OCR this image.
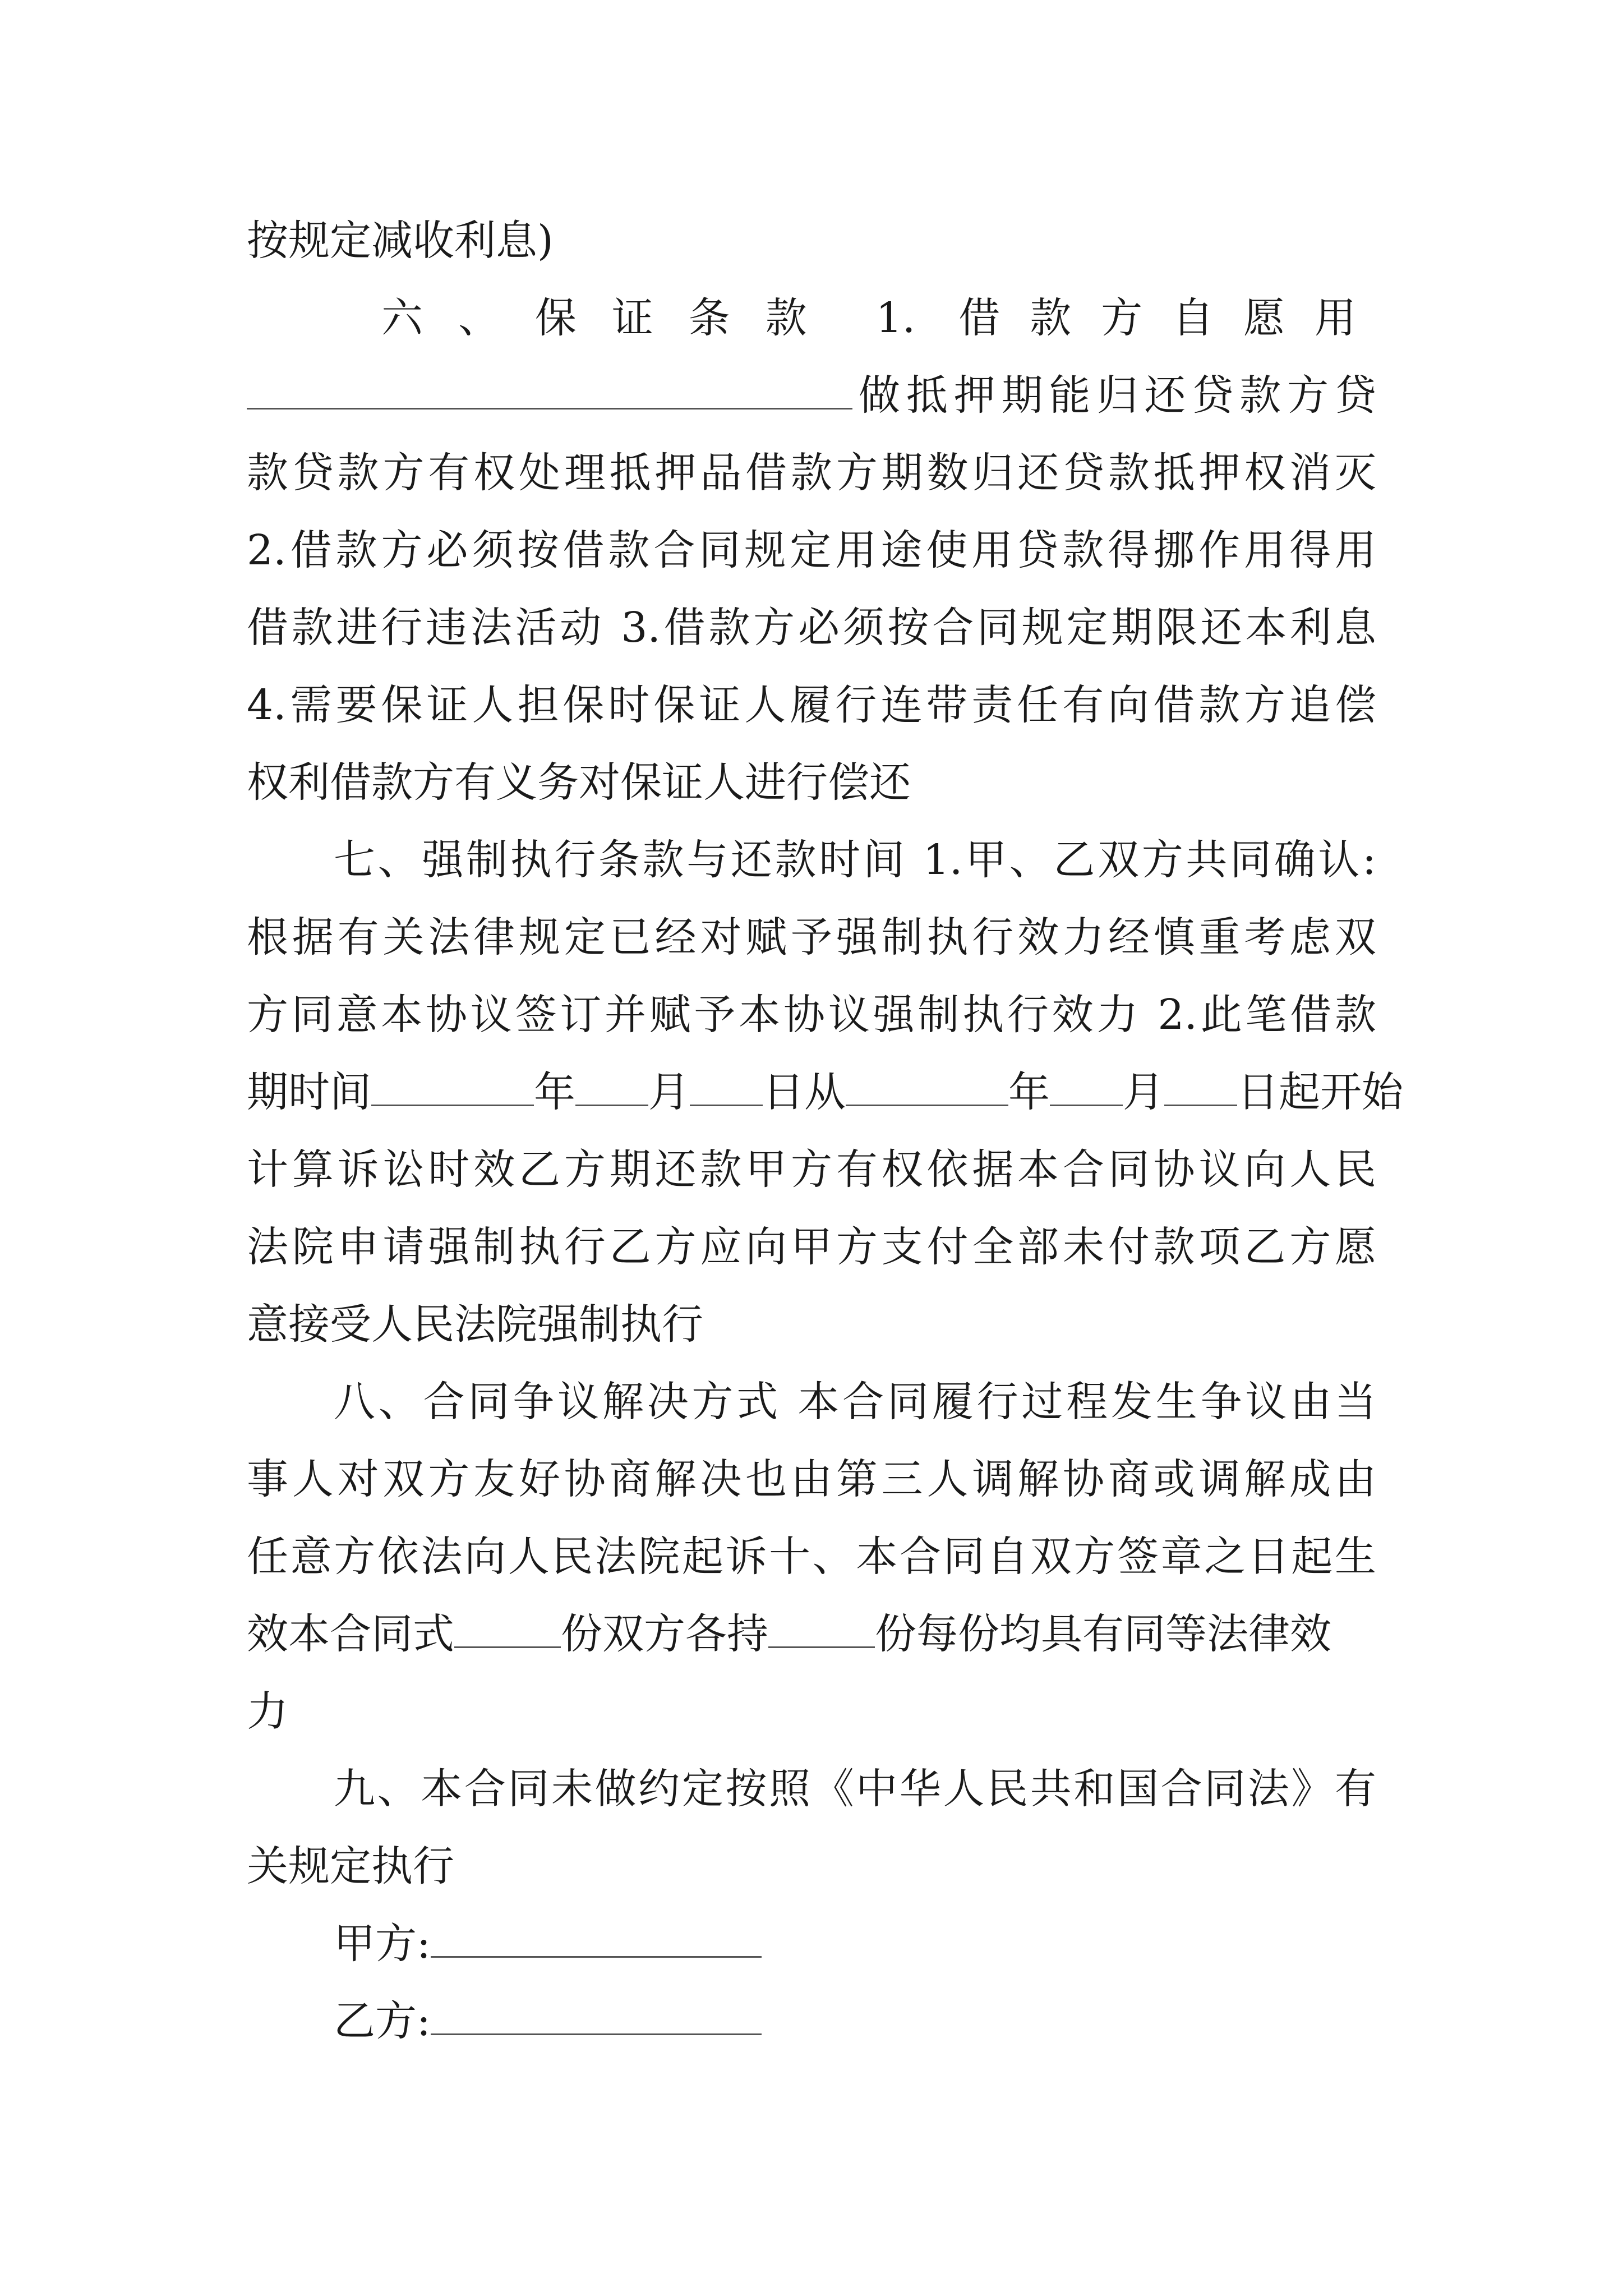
按规定减收利息)
六、保证条款 1. 借款方自愿用
做抵押期能归还贷款方贷
款贷款方有权处理抵押品借款方期数归还贷款抵押权消灭
2.借款方必须按借款合同规定用途使用贷款得挪作用得用
借款进行违法活动 3.借款方必须按合同规定期限还本利息
4.需要保证人担保时保证人履行连带责任有向借款方追偿
权利借款方有义务对保证人进行偿还
七、强制执行条款与还款时间 1.甲、乙双方共同确认:
根据有关法律规定已经对赋予强制执行效力经慎重考虑双
方同意本协议签订并赋予本协议强制执行效力 2.此笔借款
期时间	年 月 日从	年 月 日起开始
计算诉讼时效乙方期还款甲方有权依据本合同协议向人民
法院申请强制执行乙方应向甲方支付全部未付款项乙方愿
意接受人民法院强制执行
八、合同争议解决方式 本合同履行过程发生争议由当
事人对双方友好协商解决也由第三人调解协商或调解成由
任意方依法向人民法院起诉十、本合同自双方签章之日起生
效本合同式	份双方各持	份每份均具有同等法律效
力
九、本合同未做约定按照《中华人民共和国合同法》有
关规定执行
甲方:
乙方:
